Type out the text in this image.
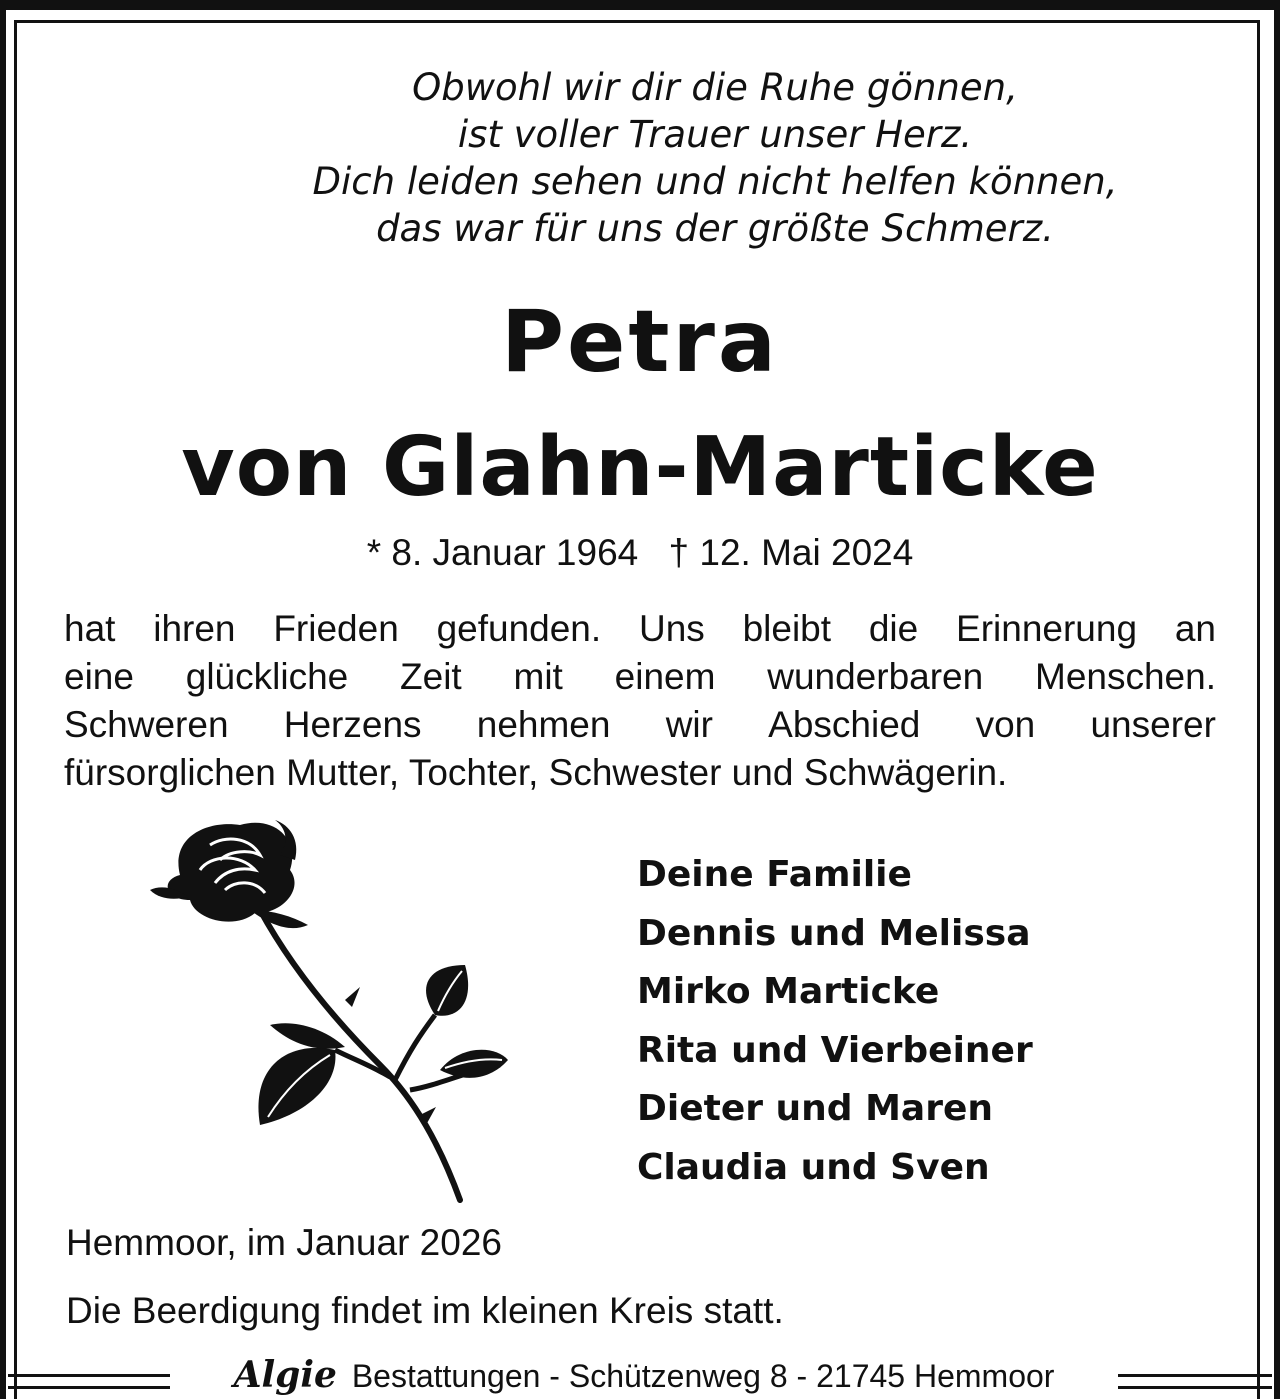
Obwohl wir dir die Ruhe gönnen,
ist voller Trauer unser Herz.
Dich leiden sehen und nicht helfen können,
das war für uns der größte Schmerz.
Petra
von Glahn-Marticke
* 8. Januar 1964 † 12. Mai 2024
hat ihren Frieden gefunden. Uns bleibt die Erinnerung an
eine glückliche Zeit mit einem wunderbaren Menschen.
Schweren Herzens nehmen wir Abschied von unserer
fürsorglichen Mutter, Tochter, Schwester und Schwägerin.
Deine Familie
Dennis und Melissa
Mirko Marticke
Rita und Vierbeiner
Dieter und Maren
Claudia und Sven
Hemmoor, im Januar 2026
Die Beerdigung findet im kleinen Kreis statt.
Algie Bestattungen - Schützenweg 8 - 21745 Hemmoor
